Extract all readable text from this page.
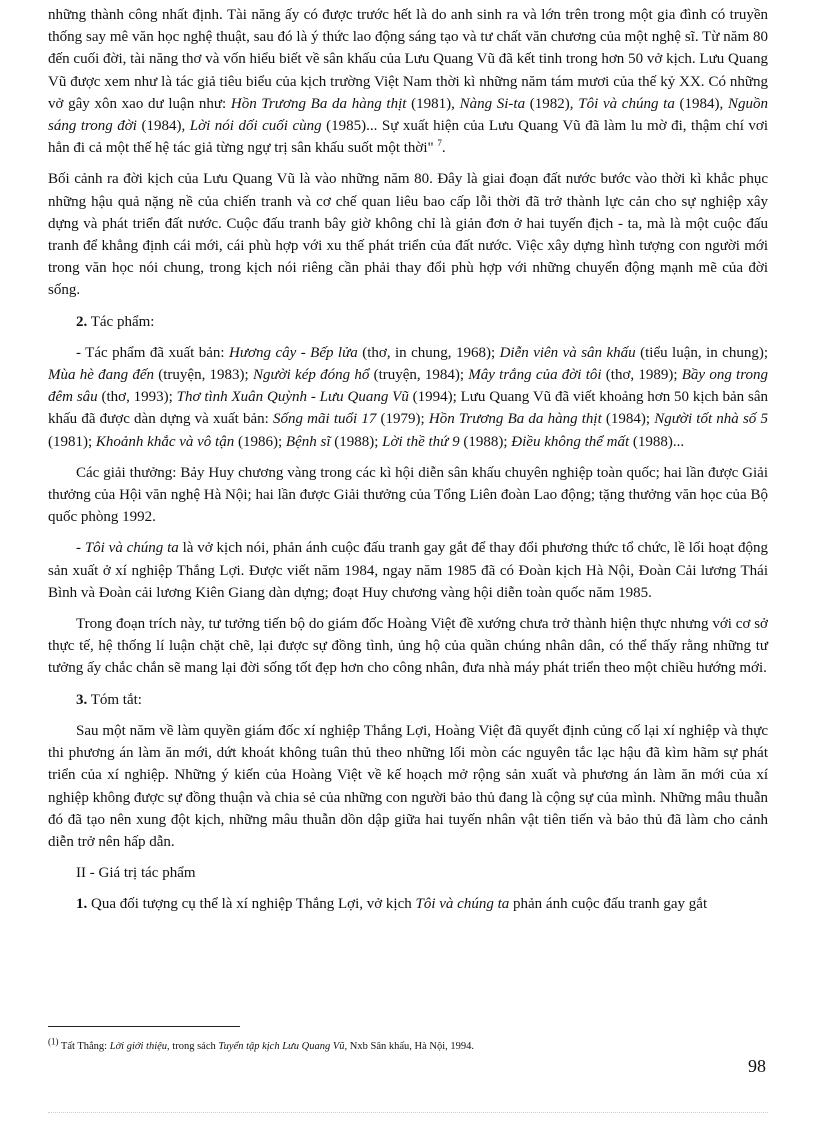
những thành công nhất định. Tài năng ấy có được trước hết là do anh sinh ra và lớn trên trong một gia đình có truyền thống say mê văn học nghệ thuật, sau đó là ý thức lao động sáng tạo và tư chất văn chương của một nghệ sĩ. Từ năm 80 đến cuối đời, tài năng thơ và vốn hiểu biết về sân khấu của Lưu Quang Vũ đã kết tinh trong hơn 50 vở kịch. Lưu Quang Vũ được xem như là tác giả tiêu biểu của kịch trường Việt Nam thời kì những năm tám mươi của thế kỷ XX. Có những vở gây xôn xao dư luận như: Hồn Trương Ba da hàng thịt (1981), Nàng Si-ta (1982), Tôi và chúng ta (1984), Nguồn sáng trong đời (1984), Lời nói dối cuối cùng (1985)... Sự xuất hiện của Lưu Quang Vũ đã làm lu mờ đi, thậm chí vơi hẳn đi cả một thế hệ tác giả từng ngự trị sân khấu suốt một thời" $^7$.

Bối cảnh ra đời kịch của Lưu Quang Vũ là vào những năm 80. Đây là giai đoạn đất nước bước vào thời kì khắc phục những hậu quả nặng nề của chiến tranh và cơ chế quan liêu bao cấp lỗi thời đã trở thành lực cản cho sự nghiệp xây dựng và phát triển đất nước. Cuộc đấu tranh bây giờ không chỉ là giản đơn ở hai tuyến địch - ta, mà là một cuộc đấu tranh để khẳng định cái mới, cái phù hợp với xu thế phát triển của đất nước. Việc xây dựng hình tượng con người mới trong văn học nói chung, trong kịch nói riêng cần phải thay đổi phù hợp với những chuyển động mạnh mẽ của đời sống.

2. Tác phẩm:

- Tác phẩm đã xuất bản: Hương cây - Bếp lửa (thơ, in chung, 1968); Diễn viên và sân khấu (tiểu luận, in chung); Mùa hè đang đến (truyện, 1983); Người kép đóng hổ (truyện, 1984); Mây trắng của đời tôi (thơ, 1989); Bầy ong trong đêm sâu (thơ, 1993); Thơ tình Xuân Quỳnh - Lưu Quang Vũ (1994); Lưu Quang Vũ đã viết khoảng hơn 50 kịch bản sân khấu đã được dàn dựng và xuất bản: Sống mãi tuổi 17 (1979); Hồn Trương Ba da hàng thịt (1984); Người tốt nhà số 5 (1981); Khoảnh khắc và vô tận (1986); Bệnh sĩ (1988); Lời thề thứ 9 (1988); Điều không thể mất (1988)...

Các giải thưởng: Bảy Huy chương vàng trong các kì hội diễn sân khấu chuyên nghiệp toàn quốc; hai lần được Giải thưởng của Hội văn nghệ Hà Nội; hai lần được Giải thưởng của Tổng Liên đoàn Lao động; tặng thưởng văn học của Bộ quốc phòng 1992.

- Tôi và chúng ta là vở kịch nói, phản ánh cuộc đấu tranh gay gắt để thay đổi phương thức tổ chức, lề lối hoạt động sản xuất ở xí nghiệp Thắng Lợi. Được viết năm 1984, ngay năm 1985 đã có Đoàn kịch Hà Nội, Đoàn Cải lương Thái Bình và Đoàn cải lương Kiên Giang dàn dựng; đoạt Huy chương vàng hội diễn toàn quốc năm 1985.

Trong đoạn trích này, tư tưởng tiến bộ do giám đốc Hoàng Việt đề xướng chưa trở thành hiện thực nhưng với cơ sở thực tế, hệ thống lí luận chặt chẽ, lại được sự đồng tình, ủng hộ của quần chúng nhân dân, có thể thấy rằng những tư tưởng ấy chắc chắn sẽ mang lại đời sống tốt đẹp hơn cho công nhân, đưa nhà máy phát triển theo một chiều hướng mới.

3. Tóm tắt:

Sau một năm về làm quyền giám đốc xí nghiệp Thắng Lợi, Hoàng Việt đã quyết định củng cố lại xí nghiệp và thực thi phương án làm ăn mới, dứt khoát không tuân thủ theo những lối mòn các nguyên tắc lạc hậu đã kìm hãm sự phát triển của xí nghiệp. Những ý kiến của Hoàng Việt về kế hoạch mở rộng sản xuất và phương án làm ăn mới của xí nghiệp không được sự đồng thuận và chia sẻ của những con người bảo thủ đang là cộng sự của mình. Những mâu thuẫn đó đã tạo nên xung đột kịch, những mâu thuẫn dồn dập giữa hai tuyến nhân vật tiên tiến và bảo thủ đã làm cho cảnh diễn trở nên hấp dẫn.

II - Giá trị tác phẩm

1. Qua đối tượng cụ thể là xí nghiệp Thắng Lợi, vở kịch Tôi và chúng ta phản ánh cuộc đấu tranh gay gắt

$^{(1)}$ Tất Thắng: Lời giới thiệu, trong sách Tuyển tập kịch Lưu Quang Vũ, Nxb Sân khấu, Hà Nội, 1994.
98
